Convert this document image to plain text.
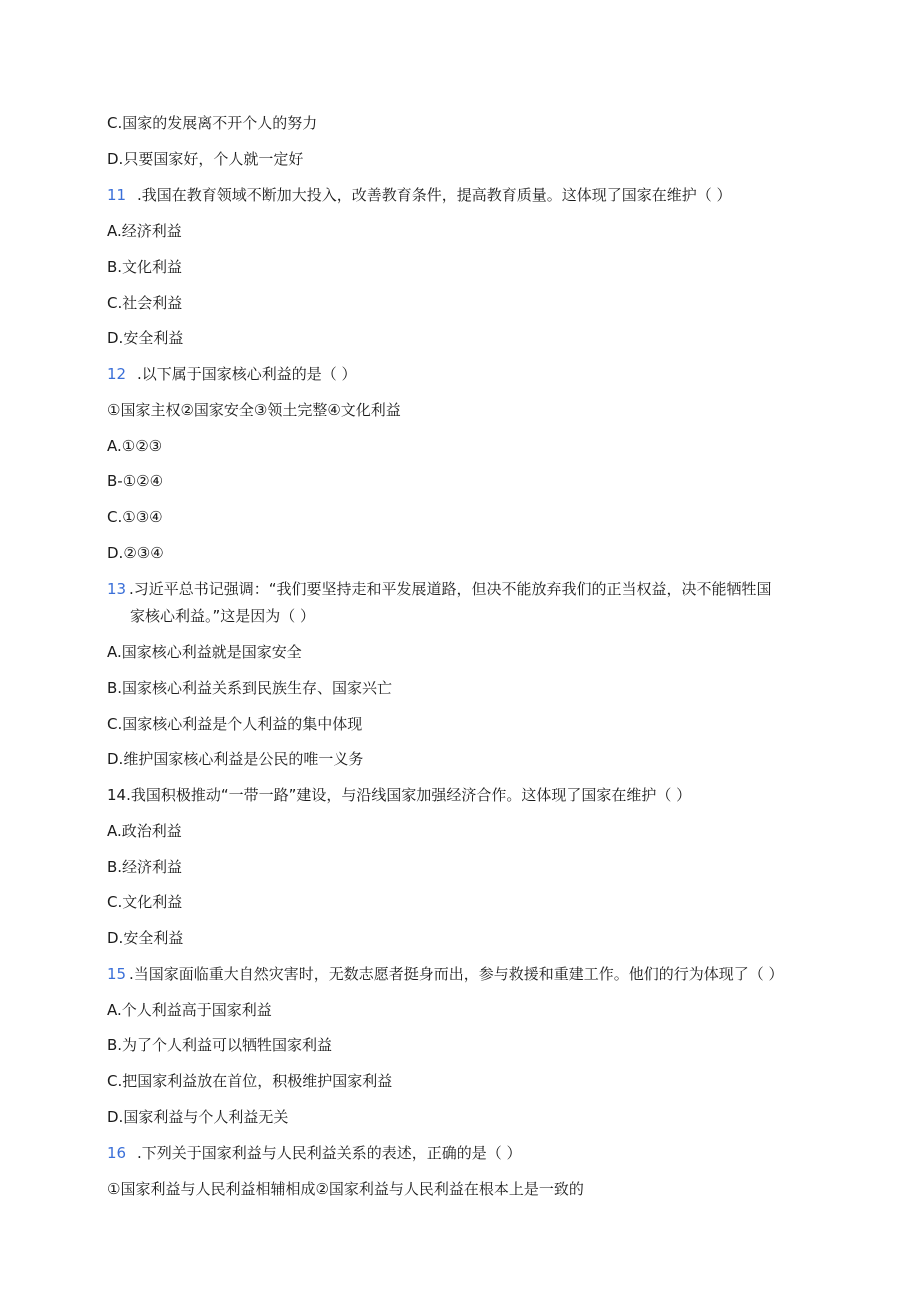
C.国家的发展离不开个人的努力
D.只要国家好，个人就一定好
11 .我国在教育领域不断加大投入，改善教育条件，提高教育质量。这体现了国家在维护（ ）
A.经济利益
B.文化利益
C.社会利益
D.安全利益
12 .以下属于国家核心利益的是（ ）
①国家主权②国家安全③领土完整④文化利益
A.①②③
B-①②④
C.①③④
D.②③④
13 .习近平总书记强调：“我们要坚持走和平发展道路，但决不能放弃我们的正当权益，决不能牺牲国
家核心利益。”这是因为（ ）
A.国家核心利益就是国家安全
B.国家核心利益关系到民族生存、国家兴亡
C.国家核心利益是个人利益的集中体现
D.维护国家核心利益是公民的唯一义务
14.我国积极推动“一带一路”建设，与沿线国家加强经济合作。这体现了国家在维护（ ）
A.政治利益
B.经济利益
C.文化利益
D.安全利益
15 .当国家面临重大自然灾害时，无数志愿者挺身而出，参与救援和重建工作。他们的行为体现了（ ）
A.个人利益高于国家利益
B.为了个人利益可以牺牲国家利益
C.把国家利益放在首位，积极维护国家利益
D.国家利益与个人利益无关
16 .下列关于国家利益与人民利益关系的表述，正确的是（ ）
①国家利益与人民利益相辅相成②国家利益与人民利益在根本上是一致的
